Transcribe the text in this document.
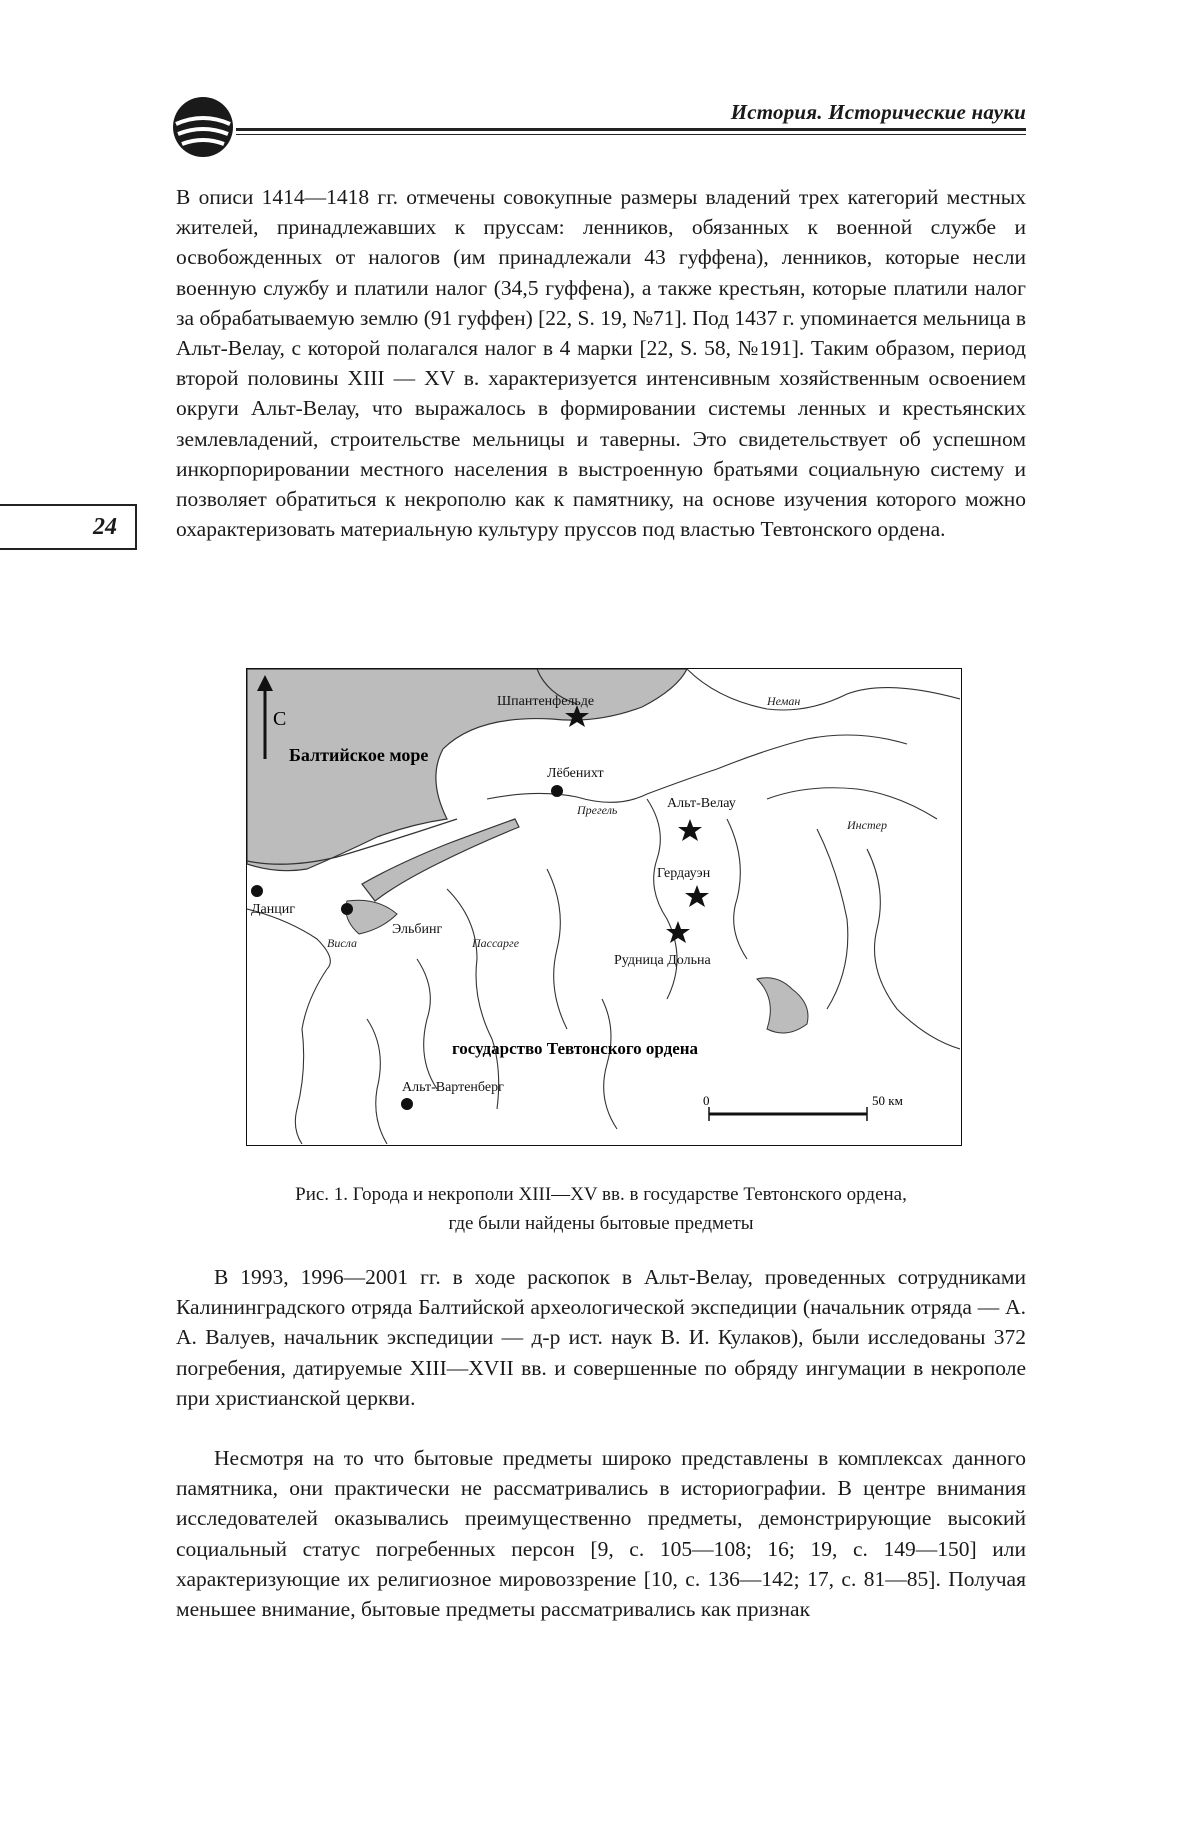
История. Исторические науки
24

В описи 1414—1418 гг. отмечены совокупные размеры владений трех категорий местных жителей, принадлежавших к пруссам: ленников, обязанных к военной службе и освобожденных от налогов (им принадлежали 43 гуффена), ленников, которые несли военную службу и платили налог (34,5 гуффена), а также крестьян, которые платили налог за обрабатываемую землю (91 гуффен) [22, S. 19, №71]. Под 1437 г. упоминается мельница в Альт-Велау, с которой полагался налог в 4 марки [22, S. 58, №191]. Таким образом, период второй половины XIII — XV в. характеризуется интенсивным хозяйственным освоением округи Альт-Велау, что выражалось в формировании системы ленных и крестьянских землевладений, строительстве мельницы и таверны. Это свидетельствует об успешном инкорпорировании местного населения в выстроенную братьями социальную систему и позволяет обратиться к некрополю как к памятнику, на основе изучения которого можно охарактеризовать материальную культуру пруссов под властью Тевтонского ордена.

С
Балтийское море
государство Тевтонского ордена
Шпантенфельде
Лёбенихт
Альт-Велау
Гердауэн
Рудница Дольна
Данциг
Эльбинг
Альт-Вартенберг
Неман
Прегель
Инстер
Висла	Пассарге
0	50 км

Рис. 1. Города и некрополи XIII—XV вв. в государстве Тевтонского ордена,
где были найдены бытовые предметы

В 1993, 1996—2001 гг. в ходе раскопок в Альт-Велау, проведенных сотрудниками Калининградского отряда Балтийской археологической экспедиции (начальник отряда — А. А. Валуев, начальник экспедиции — д-р ист. наук В. И. Кулаков), были исследованы 372 погребения, датируемые XIII—XVII вв. и совершенные по обряду ингумации в некрополе при христианской церкви.

Несмотря на то что бытовые предметы широко представлены в комплексах данного памятника, они практически не рассматривались в историографии. В центре внимания исследователей оказывались преимущественно предметы, демонстрирующие высокий социальный статус погребенных персон [9, с. 105—108; 16; 19, с. 149—150] или характеризующие их религиозное мировоззрение [10, с. 136—142; 17, с. 81—85]. Получая меньшее внимание, бытовые предметы рассматривались как признак
